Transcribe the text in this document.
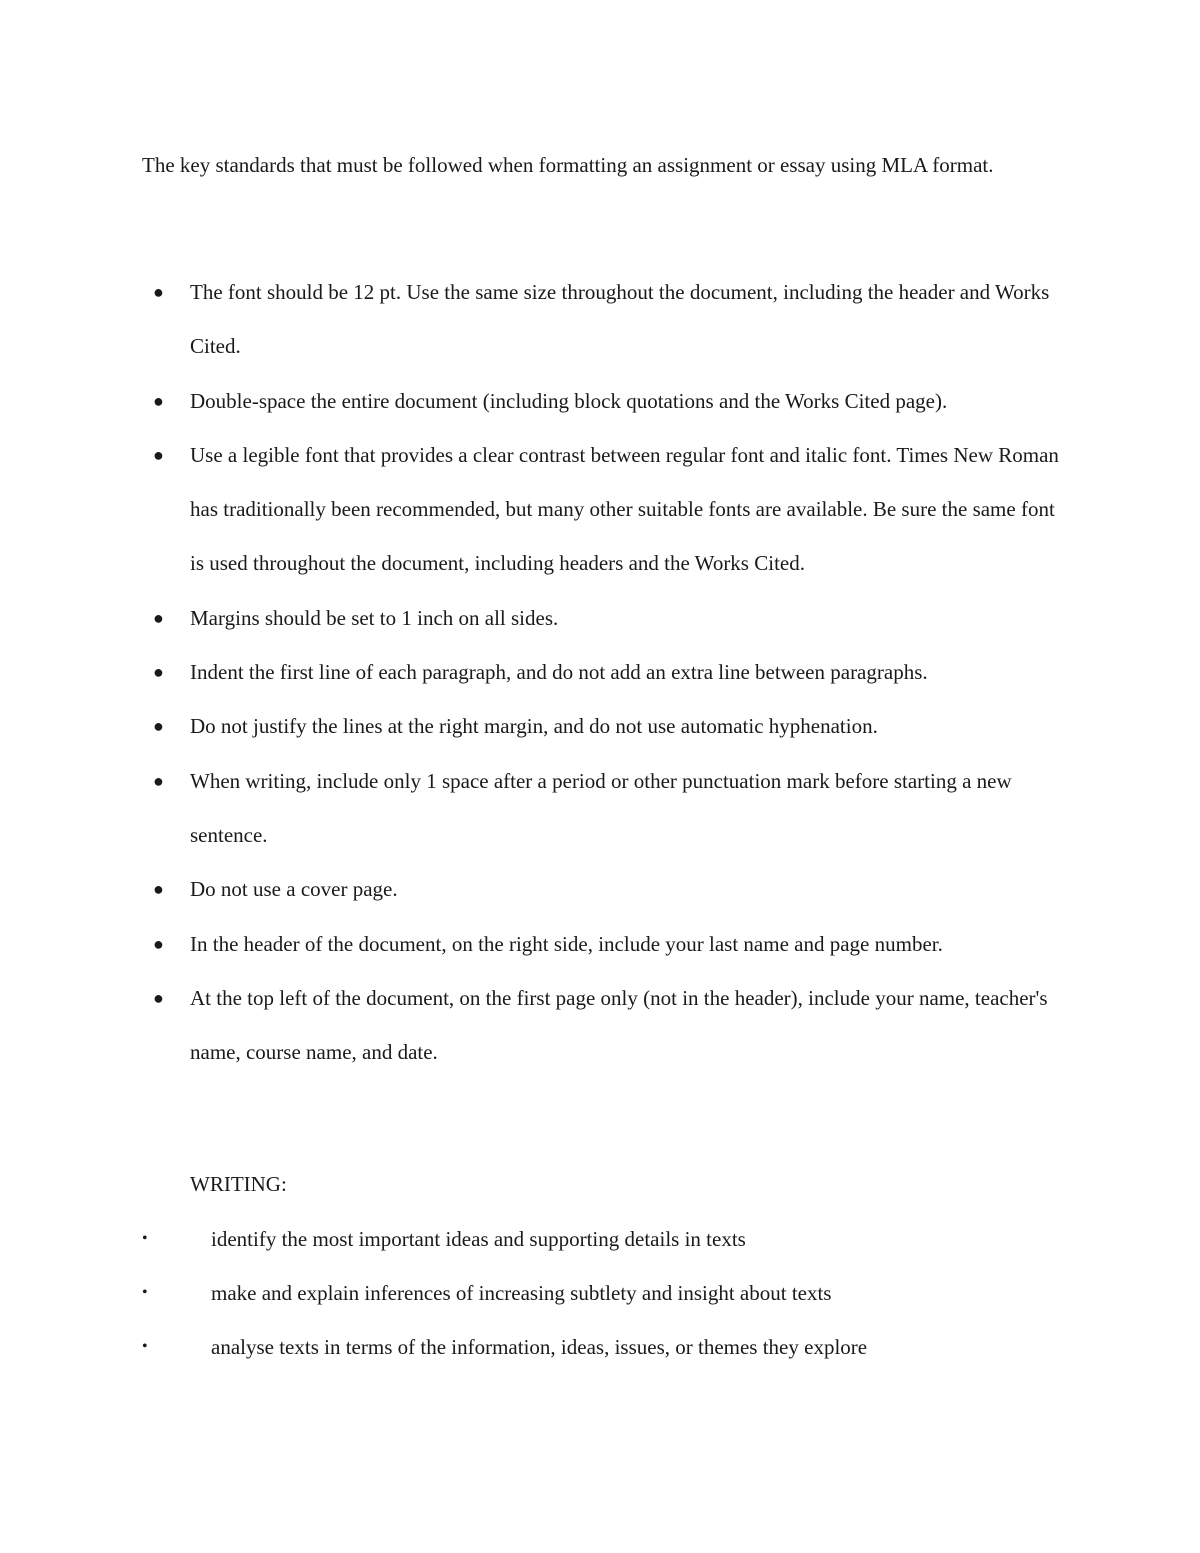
The key standards that must be followed when formatting an assignment or essay using MLA format.

● The font should be 12 pt. Use the same size throughout the document, including the header and Works Cited.
● Double-space the entire document (including block quotations and the Works Cited page).
● Use a legible font that provides a clear contrast between regular font and italic font. Times New Roman has traditionally been recommended, but many other suitable fonts are available. Be sure the same font is used throughout the document, including headers and the Works Cited.
● Margins should be set to 1 inch on all sides.
● Indent the first line of each paragraph, and do not add an extra line between paragraphs.
● Do not justify the lines at the right margin, and do not use automatic hyphenation.
● When writing, include only 1 space after a period or other punctuation mark before starting a new sentence.
● Do not use a cover page.
● In the header of the document, on the right side, include your last name and page number.
● At the top left of the document, on the first page only (not in the header), include your name, teacher's name, course name, and date.

WRITING:

•	identify the most important ideas and supporting details in texts
•	make and explain inferences of increasing subtlety and insight about texts
•	analyse texts in terms of the information, ideas, issues, or themes they explore
